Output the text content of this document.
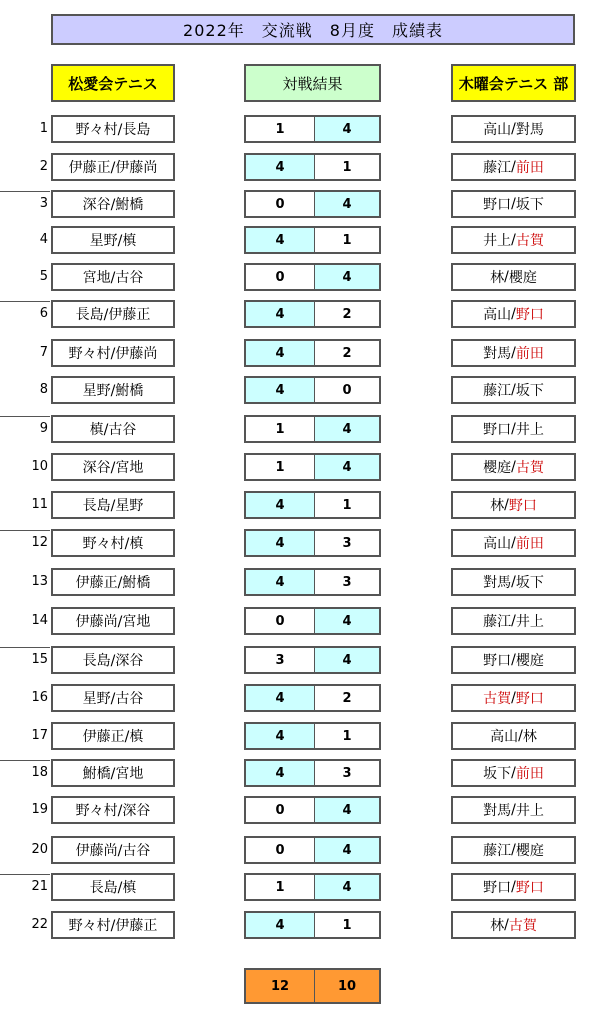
2022年　交流戦　8月度　成績表
松愛会テニス	対戦結果	木曜会テニス 部
1	野々村/長島	1	4	高山 / 對馬
2	伊藤正/伊藤尚	4	1	藤江 / 前田
3	深谷/鮒橋	0	4	野口 / 坂下
4	星野/槙	4	1	井上 / 古賀
5	宮地/古谷	0	4	林 / 櫻庭
6	長島/伊藤正	4	2	高山 / 野口
7	野々村/伊藤尚	4	2	對馬 / 前田
8	星野/鮒橋	4	0	藤江 / 坂下
9	槙/古谷	1	4	野口 / 井上
10	深谷/宮地	1	4	櫻庭 / 古賀
11	長島/星野	4	1	林 / 野口
12	野々村/槙	4	3	高山 / 前田
13	伊藤正/鮒橋	4	3	對馬 / 坂下
14	伊藤尚/宮地	0	4	藤江 / 井上
15	長島/深谷	3	4	野口 / 櫻庭
16	星野/古谷	4	2	古賀 / 野口
17	伊藤正/槙	4	1	高山 / 林
18	鮒橋/宮地	4	3	坂下 / 前田
19	野々村/深谷	0	4	對馬 / 井上
20	伊藤尚/古谷	0	4	藤江 / 櫻庭
21	長島/槙	1	4	野口 / 野口
22	野々村/伊藤正	4	1	林 / 古賀
12	10
